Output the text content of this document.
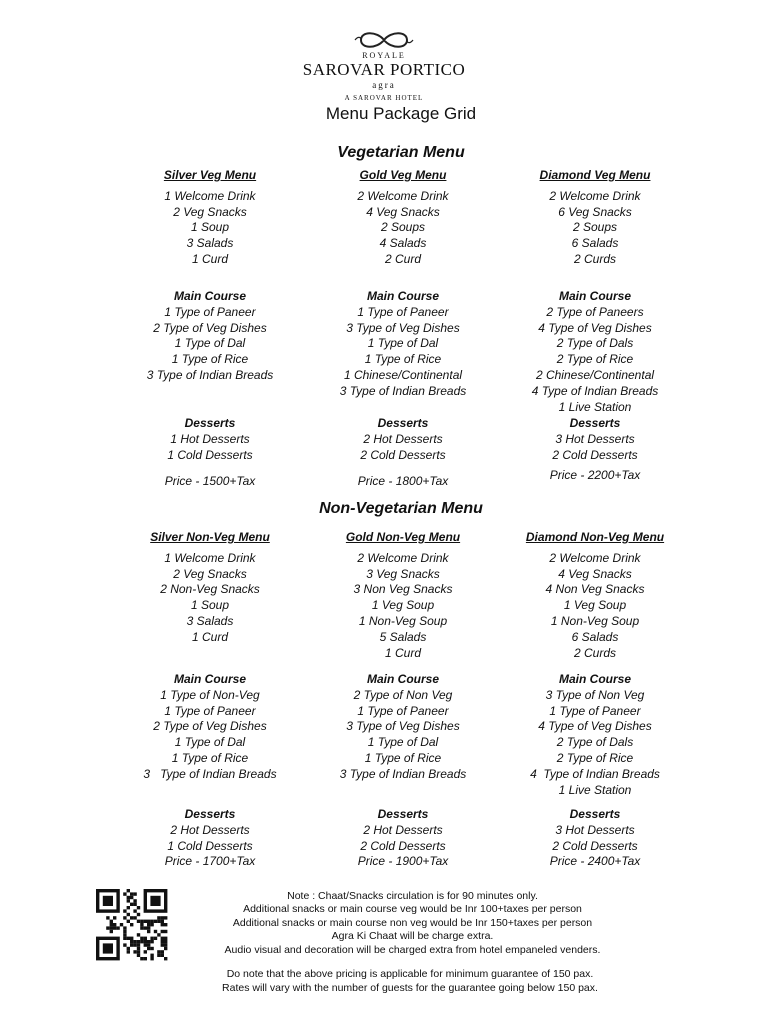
ROYALE
SAROVAR PORTICO
agra
A SAROVAR HOTEL
Menu Package Grid
Vegetarian Menu
Silver Veg Menu
1 Welcome Drink
2 Veg Snacks
1 Soup
3 Salads
1 Curd
Main Course
1 Type of Paneer
2 Type of Veg Dishes
1 Type of Dal
1 Type of Rice
3 Type of Indian Breads
Desserts
1 Hot Desserts
1 Cold Desserts
Price - 1500+Tax
Gold Veg Menu
2 Welcome Drink
4 Veg Snacks
2 Soups
4 Salads
2 Curd
Main Course
1 Type of Paneer
3 Type of Veg Dishes
1 Type of Dal
1 Type of Rice
1 Chinese/Continental
3 Type of Indian Breads
Desserts
2 Hot Desserts
2 Cold Desserts
Price - 1800+Tax
Diamond Veg Menu
2 Welcome Drink
6 Veg Snacks
2 Soups
6 Salads
2 Curds
Main Course
2 Type of Paneers
4 Type of Veg Dishes
2 Type of Dals
2 Type of Rice
2 Chinese/Continental
4 Type of Indian Breads
1 Live Station
Desserts
3 Hot Desserts
2 Cold Desserts
Price - 2200+Tax
Non-Vegetarian Menu
Silver Non-Veg Menu
1 Welcome Drink
2 Veg Snacks
2 Non-Veg Snacks
1 Soup
3 Salads
1 Curd
Main Course
1 Type of Non-Veg
1 Type of Paneer
2 Type of Veg Dishes
1 Type of Dal
1 Type of Rice
3   Type of Indian Breads
Desserts
2 Hot Desserts
1 Cold Desserts
Price - 1700+Tax
Gold Non-Veg Menu
2 Welcome Drink
3 Veg Snacks
3 Non Veg Snacks
1 Veg Soup
1 Non-Veg Soup
5 Salads
1 Curd
Main Course
2 Type of Non Veg
1 Type of Paneer
3 Type of Veg Dishes
1 Type of Dal
1 Type of Rice
3 Type of Indian Breads
Desserts
2 Hot Desserts
2 Cold Desserts
Price - 1900+Tax
Diamond Non-Veg Menu
2 Welcome Drink
4 Veg Snacks
4 Non Veg Snacks
1 Veg Soup
1 Non-Veg Soup
6 Salads
2 Curds
Main Course
3 Type of Non Veg
1 Type of Paneer
4 Type of Veg Dishes
2 Type of Dals
2 Type of Rice
4  Type of Indian Breads
1 Live Station
Desserts
3 Hot Desserts
2 Cold Desserts
Price - 2400+Tax
Note : Chaat/Snacks circulation is for 90 minutes only.
Additional snacks or main course veg would be Inr 100+taxes per person
Additional snacks or main course non veg would be Inr 150+taxes per person
Agra Ki Chaat will be charge extra.
Audio visual and decoration will be charged extra from hotel empaneled venders.
Do note that the above pricing is applicable for minimum guarantee of 150 pax.
Rates will vary with the number of guests for the guarantee going below 150 pax.
